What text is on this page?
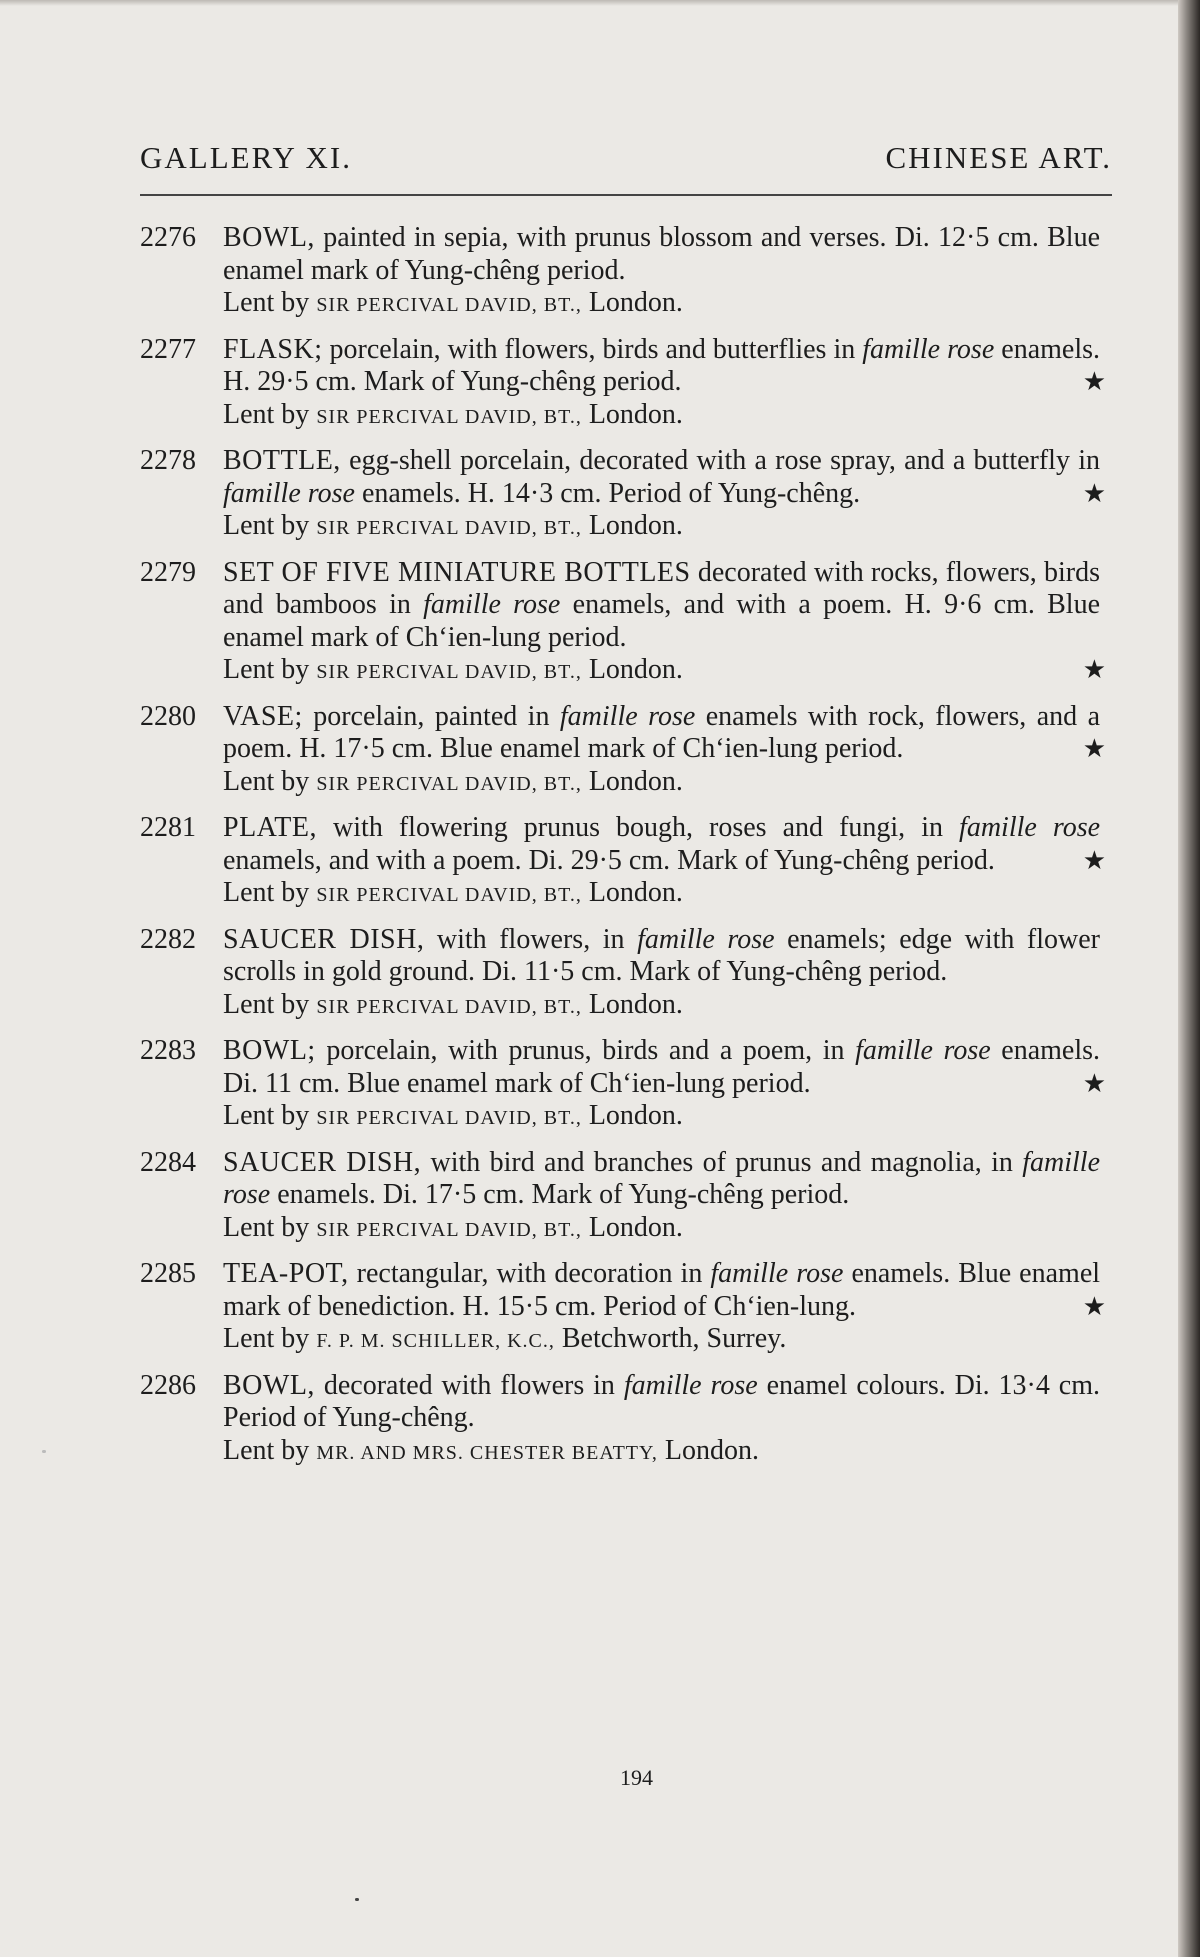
GALLERY XI.	CHINESE ART.
2276 BOWL, painted in sepia, with prunus blossom and verses. Di. 12·5 cm. Blue enamel mark of Yung-chêng period.

Lent by SIR PERCIVAL DAVID, BT., London.

2277 FLASK; porcelain, with flowers, birds and butterflies in famille rose enamels. H. 29·5 cm. Mark of Yung-chêng period.	★

Lent by SIR PERCIVAL DAVID, BT., London.

2278 BOTTLE, egg-shell porcelain, decorated with a rose spray, and a butterfly in famille rose enamels. H. 14·3 cm. Period of Yung-chêng.	★

Lent by SIR PERCIVAL DAVID, BT., London.

2279 SET OF FIVE MINIATURE BOTTLES decorated with rocks, flowers, birds and bamboos in famille rose enamels, and with a poem. H. 9·6 cm. Blue enamel mark of Ch‘ien-lung period.

Lent by SIR PERCIVAL DAVID, BT., London.	★

2280 VASE; porcelain, painted in famille rose enamels with rock, flowers, and a poem. H. 17·5 cm. Blue enamel mark of Ch‘ien-lung period.	★

Lent by SIR PERCIVAL DAVID, BT., London.

2281 PLATE, with flowering prunus bough, roses and fungi, in famille rose enamels, and with a poem. Di. 29·5 cm. Mark of Yung-chêng period.	★

Lent by SIR PERCIVAL DAVID, BT., London.

2282 SAUCER DISH, with flowers, in famille rose enamels; edge with flower scrolls in gold ground. Di. 11·5 cm. Mark of Yung-chêng period.

Lent by SIR PERCIVAL DAVID, BT., London.

2283 BOWL; porcelain, with prunus, birds and a poem, in famille rose enamels. Di. 11 cm. Blue enamel mark of Ch‘ien-lung period.	★

Lent by SIR PERCIVAL DAVID, BT., London.

2284 SAUCER DISH, with bird and branches of prunus and magnolia, in famille rose enamels. Di. 17·5 cm. Mark of Yung-chêng period.

Lent by SIR PERCIVAL DAVID, BT., London.

2285 TEA-POT, rectangular, with decoration in famille rose enamels. Blue enamel mark of benediction. H. 15·5 cm. Period of Ch‘ien-lung.	★

Lent by F. P. M. SCHILLER, K.C., Betchworth, Surrey.

2286 BOWL, decorated with flowers in famille rose enamel colours. Di. 13·4 cm. Period of Yung-chêng.

Lent by MR. AND MRS. CHESTER BEATTY, London.

194
